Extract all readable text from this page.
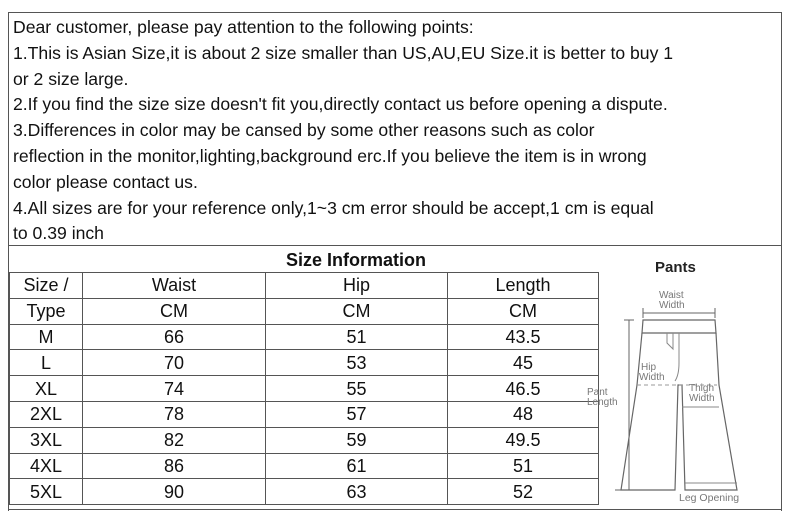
Dear customer, please pay attention to the following points:
1.This is Asian Size,it is about 2 size smaller than US,AU,EU Size.it is better to buy 1
or 2 size large.
2.If you find the size size doesn't fit you,directly contact us before opening a dispute.
3.Differences in color may be cansed by some other reasons such as color
reflection in the monitor,lighting,background erc.If you believe the item is in wrong
color please contact us.
4.All sizes are for your reference only,1~3 cm error should be accept,1 cm is equal
to 0.39 inch
Size Information
Size /	Waist	Hip	Length
Type	CM	CM	CM
M	66	51	43.5
L	70	53	45
XL	74	55	46.5
2XL	78	57	48
3XL	82	59	49.5
4XL	86	61	51
5XL	90	63	52
Pants
Waist
Width
Hip
Width
Thigh
Width
Pant
Length
Leg Opening
